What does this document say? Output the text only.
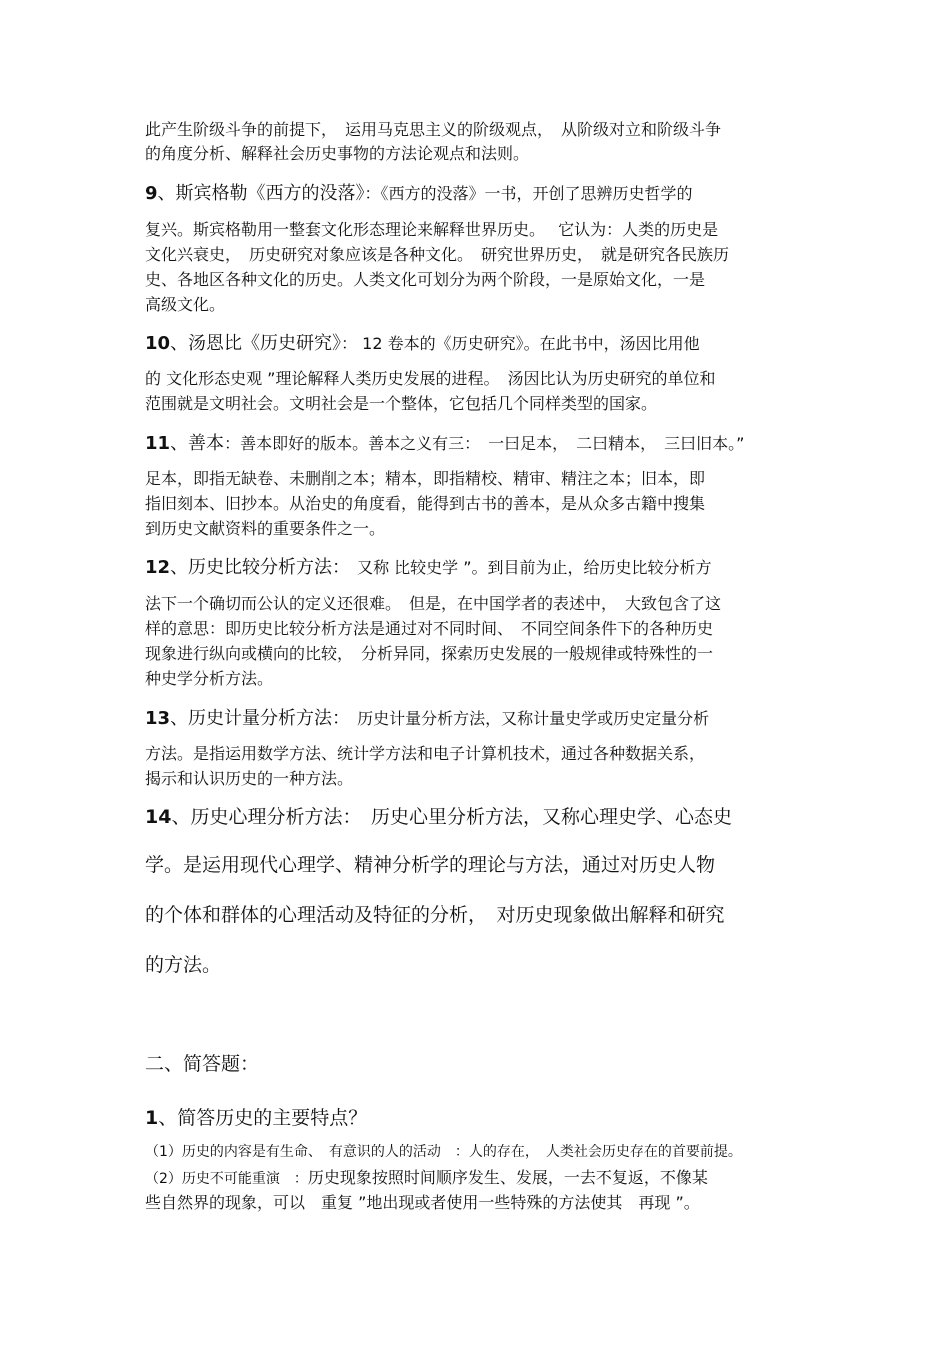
此产生阶级斗争的前提下，　运用马克思主义的阶级观点，　从阶级对立和阶级斗争
的角度分析、解释社会历史事物的方法论观点和法则。
9、斯宾格勒《西方的没落》：《西方的没落》一书，开创了思辨历史哲学的
复兴。斯宾格勒用一整套文化形态理论来解释世界历史。　 它认为：人类的历史是
文化兴衰史，　历史研究对象应该是各种文化。　研究世界历史，　就是研究各民族历
史、各地区各种文化的历史。人类文化可划分为两个阶段，一是原始文化，一是
高级文化。
10、汤恩比《历史研究》： 12 卷本的《历史研究》。在此书中，汤因比用他
的 文化形态史观 ”理论解释人类历史发展的进程。　汤因比认为历史研究的单位和
范围就是文明社会。文明社会是一个整体，它包括几个同样类型的国家。
11、善本：善本即好的版本。善本之义有三：　一曰足本，　二曰精本，　三曰旧本。”
足本，即指无缺卷、未删削之本；精本，即指精校、精审、精注之本；旧本，即
指旧刻本、旧抄本。从治史的角度看，能得到古书的善本，是从众多古籍中搜集
到历史文献资料的重要条件之一。
12、历史比较分析方法：　又称 比较史学 ”。到目前为止，给历史比较分析方
法下一个确切而公认的定义还很难。　但是，在中国学者的表述中，　大致包含了这
样的意思：即历史比较分析方法是通过对不同时间、　不同空间条件下的各种历史
现象进行纵向或横向的比较，　分析异同，探索历史发展的一般规律或特殊性的一
种史学分析方法。
13、历史计量分析方法：　历史计量分析方法，又称计量史学或历史定量分析
方法。是指运用数学方法、统计学方法和电子计算机技术，通过各种数据关系，
揭示和认识历史的一种方法。
14、历史心理分析方法：　历史心里分析方法，又称心理史学、心态史
学。是运用现代心理学、精神分析学的理论与方法，通过对历史人物
的个体和群体的心理活动及特征的分析，　对历史现象做出解释和研究
的方法。
二、简答题：
1、简答历史的主要特点？
（1）历史的内容是有生命、　有意识的人的活动　：人的存在，　人类社会历史存在的首要前提。
（2）历史不可能重演　：历史现象按照时间顺序发生、发展，一去不复返，不像某
些自然界的现象，可以　重复 ”地出现或者使用一些特殊的方法使其　再现 ”。
